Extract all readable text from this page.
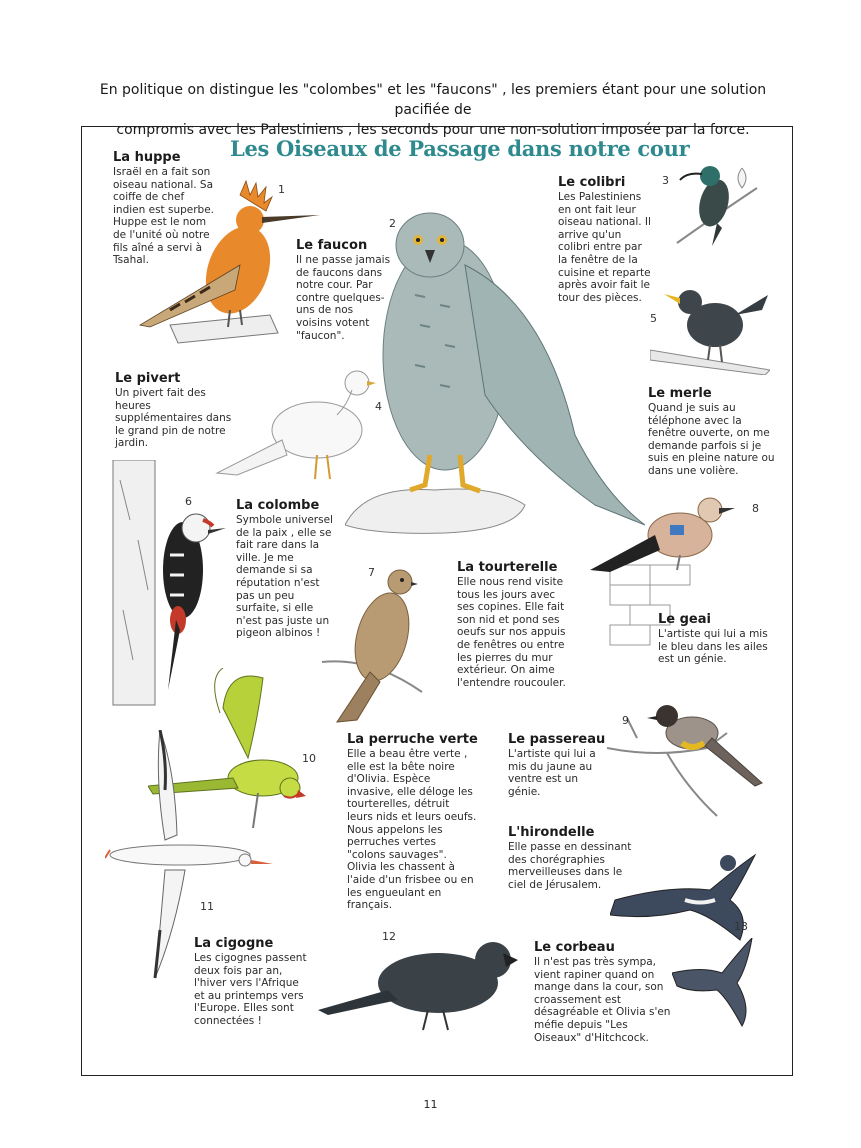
En politique on distingue les "colombes" et les "faucons" , les premiers étant pour une solution pacifiée de
compromis avec les Palestiniens , les seconds pour une non-solution imposée par la force.
Les Oiseaux de Passage dans notre cour
La huppe
Israël en a fait son oiseau national. Sa coiffe de chef indien est superbe. Huppe est le nom de l'unité où notre fils aîné a servi à Tsahal.
1
Le faucon
Il ne passe jamais de faucons dans notre cour. Par contre quelques-uns de nos voisins votent "faucon".
2
Le colibri
Les Palestiniens en ont fait leur oiseau national. Il arrive qu'un colibri entre par la fenêtre de la cuisine et reparte après avoir fait le tour des pièces.
3
4
5
Le pivert
Un pivert fait des heures supplémentaires dans le grand pin de notre jardin.
Le merle
Quand je suis au téléphone avec la fenêtre ouverte, on me demande parfois si je suis en pleine nature ou dans une volière.
6	La colombe
Symbole universel de la paix , elle se fait rare dans la ville. Je me demande si sa réputation n'est pas un peu surfaite, si elle n'est pas juste un pigeon albinos !
7	La tourterelle
Elle nous rend visite tous les jours avec ses copines. Elle fait son nid et pond ses oeufs sur nos appuis de fenêtres ou entre les pierres du mur extérieur. On aime l'entendre roucouler.
8
Le geai
L'artiste qui lui a mis le bleu dans les ailes est un génie.
9
La perruche verte
Elle a beau être verte , elle est la bête noire d'Olivia. Espèce invasive, elle déloge les tourterelles, détruit leurs nids et leurs oeufs. Nous appelons les perruches vertes "colons sauvages". Olivia les chassent à l'aide d'un frisbee ou en les engueulant en français.
10
Le passereau
L'artiste qui lui a mis du jaune au ventre est un génie.
L'hirondelle
Elle passe en dessinant des chorégraphies merveilleuses dans le ciel de Jérusalem.
11
12
13
La cigogne
Les cigognes passent deux fois par an, l'hiver vers l'Afrique et au printemps vers l'Europe. Elles sont connectées !
Le corbeau
Il n'est pas très sympa, vient rapiner quand on mange dans la cour, son croassement est désagréable et Olivia s'en méfie depuis "Les Oiseaux" d'Hitchcock.
11
